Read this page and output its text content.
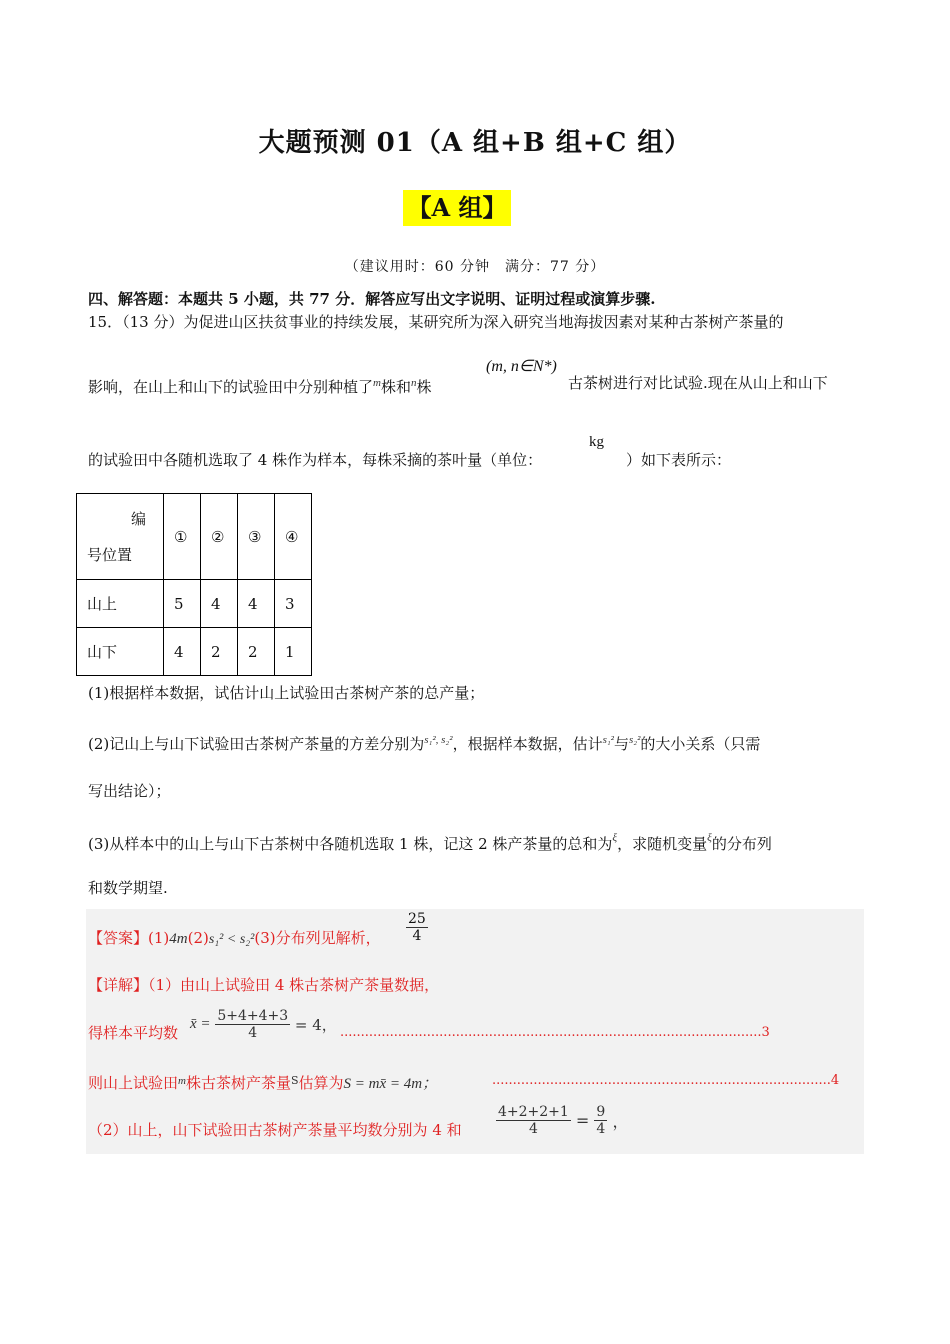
大题预测 01（A 组+B 组+C 组）
【A 组】
（建议用时：60 分钟　满分：77 分）
四、解答题：本题共 5 小题，共 77 分．解答应写出文字说明、证明过程或演算步骤.
15．（13 分）为促进山区扶贫事业的持续发展，某研究所为深入研究当地海拔因素对某种古茶树产茶量的
影响，在山上和山下的试验田中分别种植了$^m$株和$^n$株
(m, n∈N*)
古茶树进行对比试验.现在从山上和山下
的试验田中各随机选取了 4 株作为样本，每株采摘的茶叶量（单位：
kg
）如下表所示：
编
号位置	①	②	③	④
山上	5	4	4	3
山下	4	2	2	1
(1)根据样本数据，试估计山上试验田古茶树产茶的总产量；
(2)记山上与山下试验田古茶树产茶量的方差分别为$^{s_1^2, s_2^2}$，根据样本数据，估计$^{s_1^2}$与$^{s_2^2}$的大小关系（只需
写出结论）；
(3)从样本中的山上与山下古茶树中各随机选取 1 株，记这 2 株产茶量的总和为$^\xi$，求随机变量$^\xi$的分布列
和数学期望.
【答案】(1)4m(2)s₁² < s₂²(3)分布列见解析， $\frac{25}{4}$
【详解】（1）由山上试验田 4 株古茶树产茶量数据，
得样本平均数 x̄ = $\frac{5+4+4+3}{4} = 4$， ......................................................................................................3
则山上试验田$^m$株古茶树产茶量$^S$估算为S = mx̄ = 4m；	..................................................................................4
（2）山上，山下试验田古茶树产茶量平均数分别为 4 和 $\frac{4+2+2+1}{4} = \frac{9}{4}$ ，
